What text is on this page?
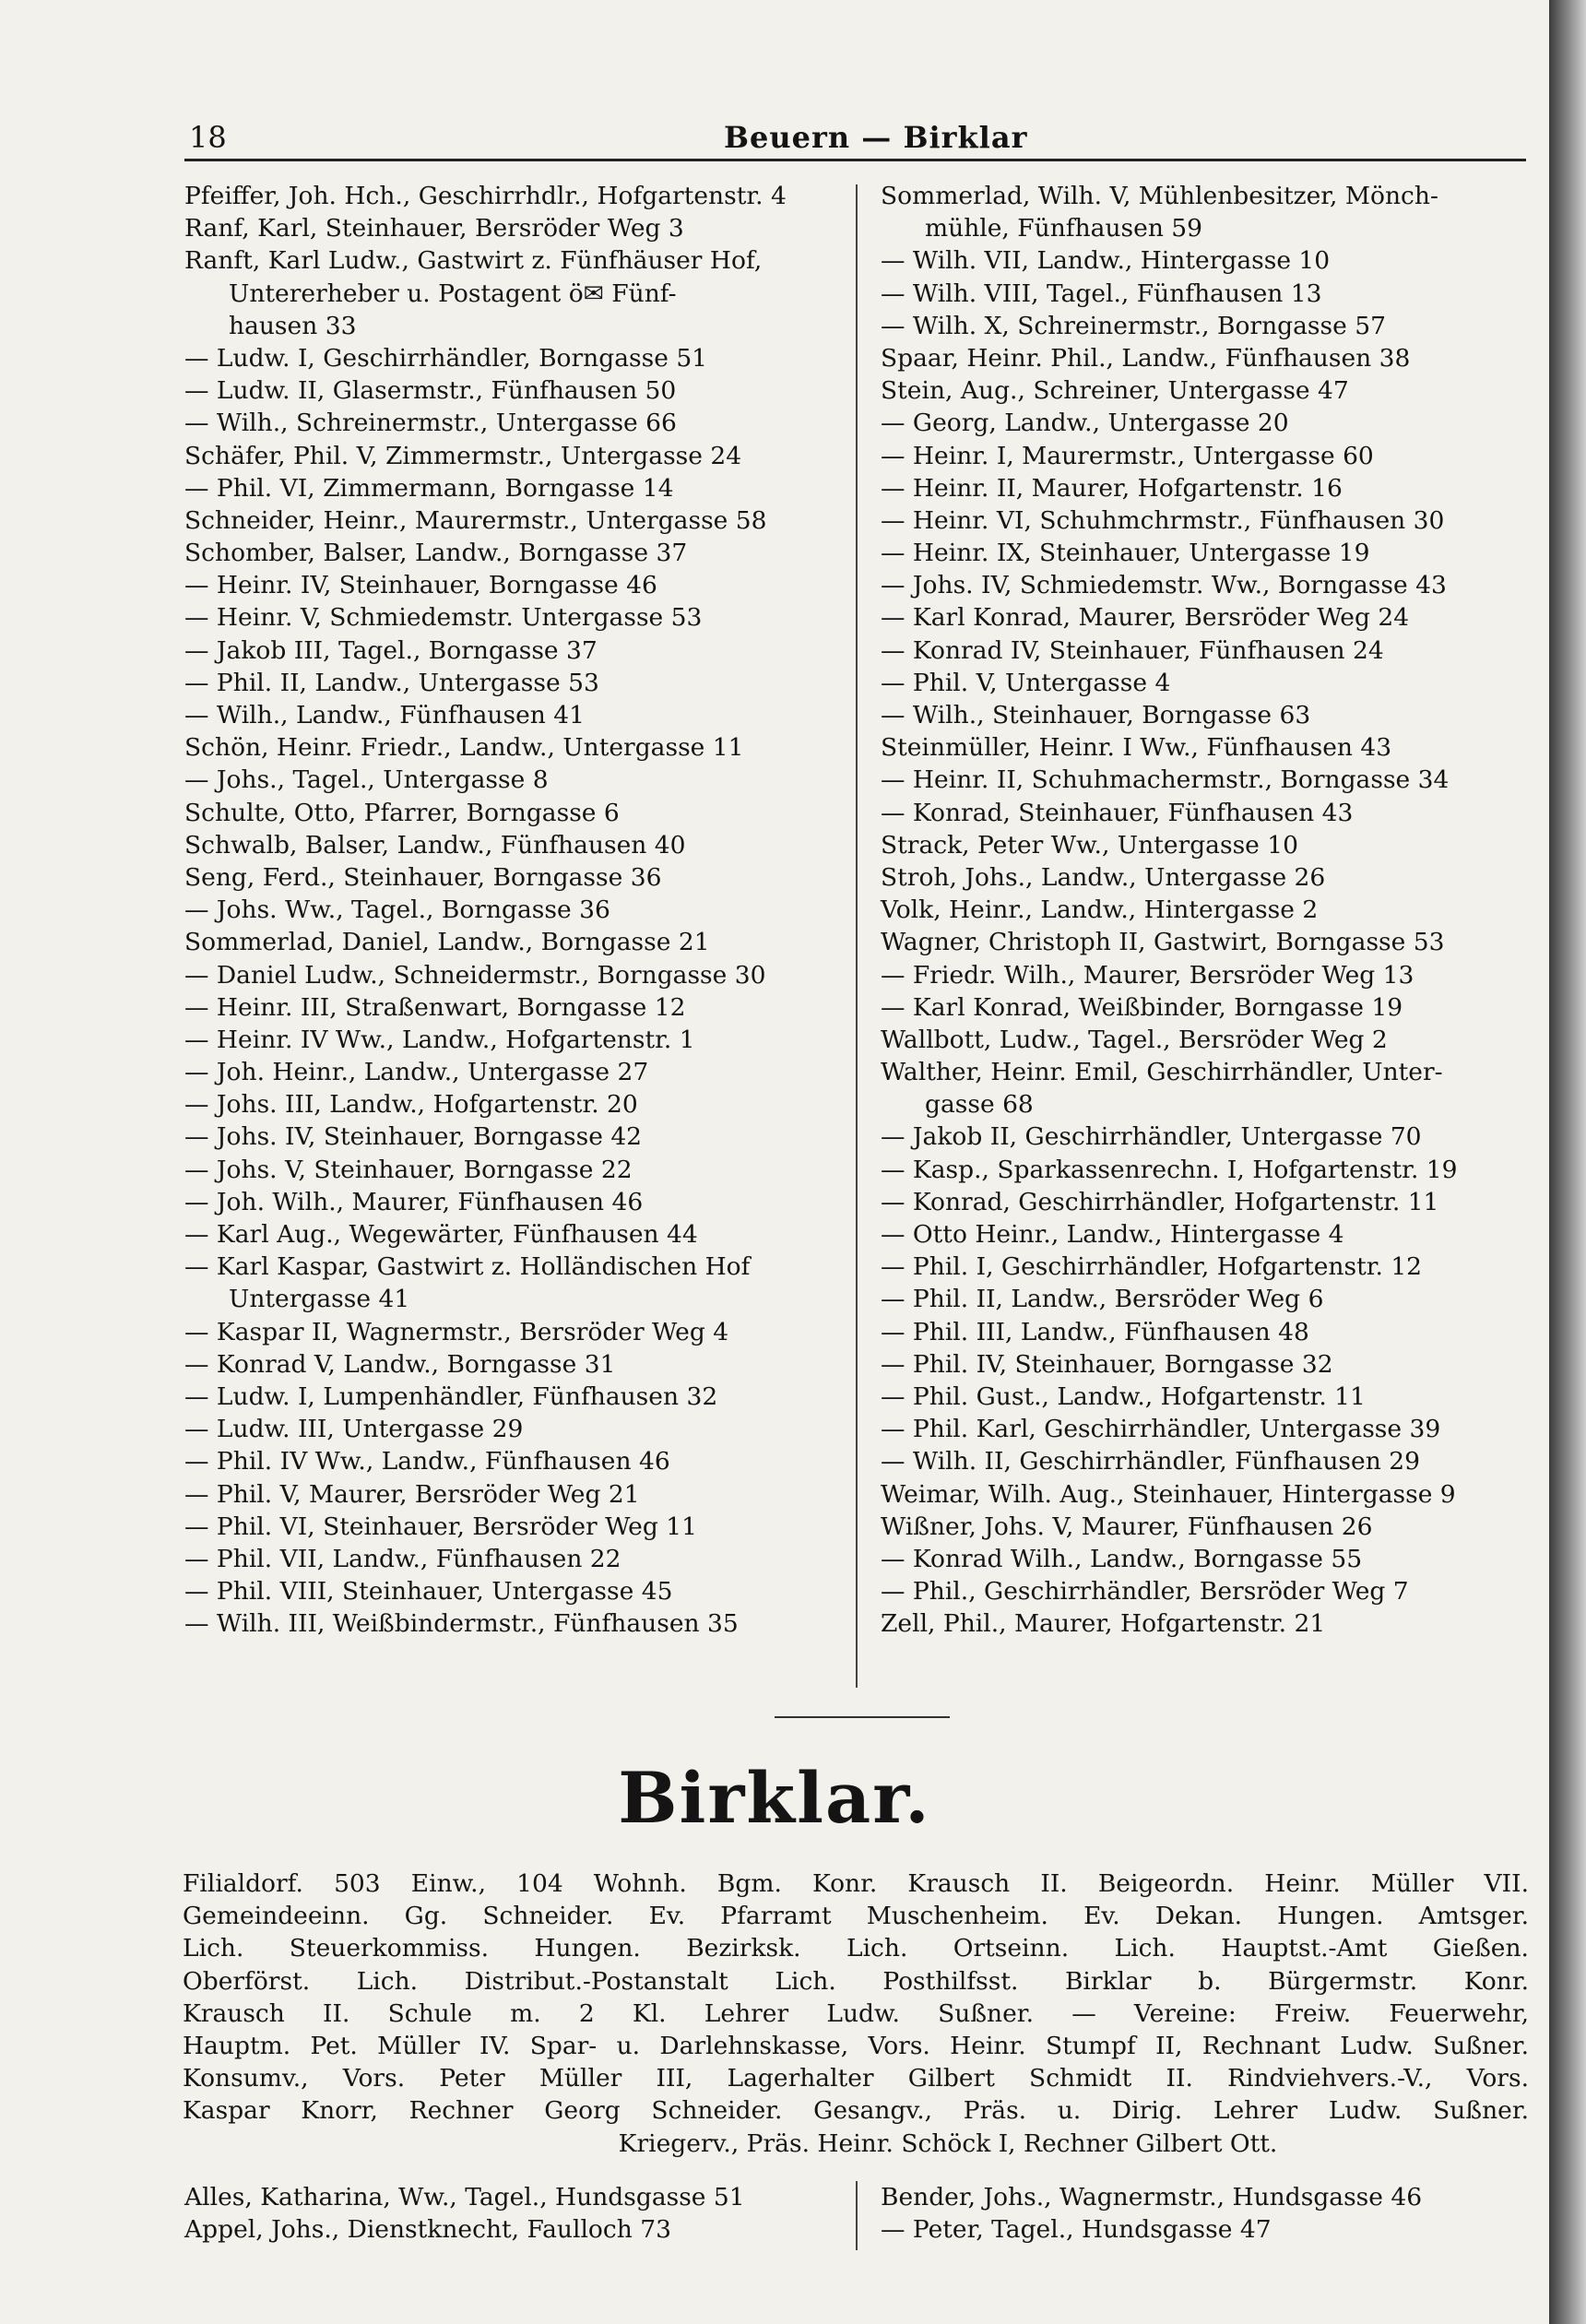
18	Beuern — Birklar
Pfeiffer, Joh. Hch., Geschirrhdlr., Hofgartenstr. 4
Ranf, Karl, Steinhauer, Bersröder Weg 3
Ranft, Karl Ludw., Gastwirt z. Fünfhäuser Hof,
Untererheber u. Postagent ö✉ Fünf-
hausen 33
— Ludw. I, Geschirrhändler, Borngasse 51
— Ludw. II, Glasermstr., Fünfhausen 50
— Wilh., Schreinermstr., Untergasse 66
Schäfer, Phil. V, Zimmermstr., Untergasse 24
— Phil. VI, Zimmermann, Borngasse 14
Schneider, Heinr., Maurermstr., Untergasse 58
Schomber, Balser, Landw., Borngasse 37
— Heinr. IV, Steinhauer, Borngasse 46
— Heinr. V, Schmiedemstr. Untergasse 53
— Jakob III, Tagel., Borngasse 37
— Phil. II, Landw., Untergasse 53
— Wilh., Landw., Fünfhausen 41
Schön, Heinr. Friedr., Landw., Untergasse 11
— Johs., Tagel., Untergasse 8
Schulte, Otto, Pfarrer, Borngasse 6
Schwalb, Balser, Landw., Fünfhausen 40
Seng, Ferd., Steinhauer, Borngasse 36
— Johs. Ww., Tagel., Borngasse 36
Sommerlad, Daniel, Landw., Borngasse 21
— Daniel Ludw., Schneidermstr., Borngasse 30
— Heinr. III, Straßenwart, Borngasse 12
— Heinr. IV Ww., Landw., Hofgartenstr. 1
— Joh. Heinr., Landw., Untergasse 27
— Johs. III, Landw., Hofgartenstr. 20
— Johs. IV, Steinhauer, Borngasse 42
— Johs. V, Steinhauer, Borngasse 22
— Joh. Wilh., Maurer, Fünfhausen 46
— Karl Aug., Wegewärter, Fünfhausen 44
— Karl Kaspar, Gastwirt z. Holländischen Hof
Untergasse 41
— Kaspar II, Wagnermstr., Bersröder Weg 4
— Konrad V, Landw., Borngasse 31
— Ludw. I, Lumpenhändler, Fünfhausen 32
— Ludw. III, Untergasse 29
— Phil. IV Ww., Landw., Fünfhausen 46
— Phil. V, Maurer, Bersröder Weg 21
— Phil. VI, Steinhauer, Bersröder Weg 11
— Phil. VII, Landw., Fünfhausen 22
— Phil. VIII, Steinhauer, Untergasse 45
— Wilh. III, Weißbindermstr., Fünfhausen 35
Sommerlad, Wilh. V, Mühlenbesitzer, Mönch-
mühle, Fünfhausen 59
— Wilh. VII, Landw., Hintergasse 10
— Wilh. VIII, Tagel., Fünfhausen 13
— Wilh. X, Schreinermstr., Borngasse 57
Spaar, Heinr. Phil., Landw., Fünfhausen 38
Stein, Aug., Schreiner, Untergasse 47
— Georg, Landw., Untergasse 20
— Heinr. I, Maurermstr., Untergasse 60
— Heinr. II, Maurer, Hofgartenstr. 16
— Heinr. VI, Schuhmchrmstr., Fünfhausen 30
— Heinr. IX, Steinhauer, Untergasse 19
— Johs. IV, Schmiedemstr. Ww., Borngasse 43
— Karl Konrad, Maurer, Bersröder Weg 24
— Konrad IV, Steinhauer, Fünfhausen 24
— Phil. V, Untergasse 4
— Wilh., Steinhauer, Borngasse 63
Steinmüller, Heinr. I Ww., Fünfhausen 43
— Heinr. II, Schuhmachermstr., Borngasse 34
— Konrad, Steinhauer, Fünfhausen 43
Strack, Peter Ww., Untergasse 10
Stroh, Johs., Landw., Untergasse 26
Volk, Heinr., Landw., Hintergasse 2
Wagner, Christoph II, Gastwirt, Borngasse 53
— Friedr. Wilh., Maurer, Bersröder Weg 13
— Karl Konrad, Weißbinder, Borngasse 19
Wallbott, Ludw., Tagel., Bersröder Weg 2
Walther, Heinr. Emil, Geschirrhändler, Unter-
gasse 68
— Jakob II, Geschirrhändler, Untergasse 70
— Kasp., Sparkassenrechn. I, Hofgartenstr. 19
— Konrad, Geschirrhändler, Hofgartenstr. 11
— Otto Heinr., Landw., Hintergasse 4
— Phil. I, Geschirrhändler, Hofgartenstr. 12
— Phil. II, Landw., Bersröder Weg 6
— Phil. III, Landw., Fünfhausen 48
— Phil. IV, Steinhauer, Borngasse 32
— Phil. Gust., Landw., Hofgartenstr. 11
— Phil. Karl, Geschirrhändler, Untergasse 39
— Wilh. II, Geschirrhändler, Fünfhausen 29
Weimar, Wilh. Aug., Steinhauer, Hintergasse 9
Wißner, Johs. V, Maurer, Fünfhausen 26
— Konrad Wilh., Landw., Borngasse 55
— Phil., Geschirrhändler, Bersröder Weg 7
Zell, Phil., Maurer, Hofgartenstr. 21
Birklar.
Filialdorf. 503 Einw., 104 Wohnh. Bgm. Konr. Krausch II. Beigeordn. Heinr. Müller VII.
Gemeindeeinn. Gg. Schneider. Ev. Pfarramt Muschenheim. Ev. Dekan. Hungen. Amtsger.
Lich. Steuerkommiss. Hungen. Bezirksk. Lich. Ortseinn. Lich. Hauptst.-Amt Gießen.
Oberförst. Lich. Distribut.-Postanstalt Lich. Posthilfsst. Birklar b. Bürgermstr. Konr.
Krausch II. Schule m. 2 Kl. Lehrer Ludw. Sußner. — Vereine: Freiw. Feuerwehr,
Hauptm. Pet. Müller IV. Spar- u. Darlehnskasse, Vors. Heinr. Stumpf II, Rechnant Ludw. Sußner.
Konsumv., Vors. Peter Müller III, Lagerhalter Gilbert Schmidt II. Rindviehvers.-V., Vors.
Kaspar Knorr, Rechner Georg Schneider. Gesangv., Präs. u. Dirig. Lehrer Ludw. Sußner.
Kriegerv., Präs. Heinr. Schöck I, Rechner Gilbert Ott.
Alles, Katharina, Ww., Tagel., Hundsgasse 51
Appel, Johs., Dienstknecht, Faulloch 73
Bender, Johs., Wagnermstr., Hundsgasse 46
— Peter, Tagel., Hundsgasse 47
